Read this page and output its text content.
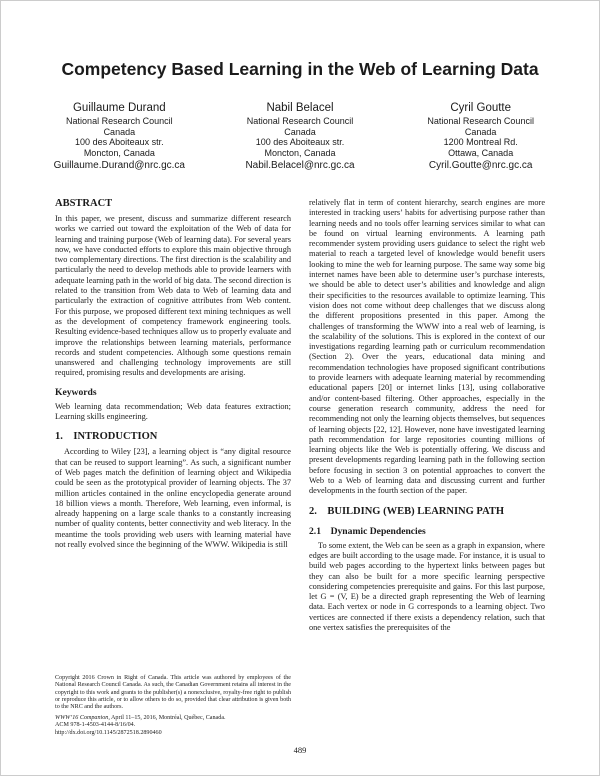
Competency Based Learning in the Web of Learning Data
Guillaume Durand
National Research Council
Canada
100 des Aboiteaux str.
Moncton, Canada
Guillaume.Durand@nrc.gc.ca
Nabil Belacel
National Research Council
Canada
100 des Aboiteaux str.
Moncton, Canada
Nabil.Belacel@nrc.gc.ca
Cyril Goutte
National Research Council
Canada
1200 Montreal Rd.
Ottawa, Canada
Cyril.Goutte@nrc.gc.ca
ABSTRACT

In this paper, we present, discuss and summarize different research works we carried out toward the exploitation of the Web of data for learning and training purpose (Web of learning data). For several years now, we have conducted efforts to explore this main objective through two complementary directions. The first direction is the scalability and particularly the need to develop methods able to provide learners with adequate learning path in the world of big data. The second direction is related to the transition from Web data to Web of learning data and particularly the extraction of cognitive attributes from Web content. For this purpose, we proposed different text mining techniques as well as the development of competency framework engineering tools. Resulting evidence-based techniques allow us to properly evaluate and improve the relationships between learning materials, performance records and student competencies. Although some questions remain unanswered and challenging technology improvements are still required, promising results and developments are arising.

Keywords

Web learning data recommendation; Web data features extraction; Learning skills engineering.

1. INTRODUCTION

According to Wiley [23], a learning object is “any digital resource that can be reused to support learning”. As such, a significant number of Web pages match the definition of learning object and Wikipedia could be seen as the prototypical provider of learning objects. The 37 million articles contained in the online encyclopedia generate around 18 billion views a month. Therefore, Web learning, even informal, is already happening on a large scale thanks to a constantly increasing number of quality contents, better connectivity and web literacy. In the meantime the tools providing web users with learning material have not really evolved since the beginning of the WWW. Wikipedia is still

Copyright 2016 Crown in Right of Canada. This article was authored by employees of the National Research Council Canada. As such, the Canadian Government retains all interest in the copyright to this work and grants to the publisher(s) a nonexclusive, royalty-free right to publish or reproduce this article, or to allow others to do so, provided that clear attribution is given both to the NRC and the authors.

WWW’16 Companion, April 11–15, 2016, Montréal, Québec, Canada.

ACM 978-1-4503-4144-8/16/04.

http://dx.doi.org/10.1145/2872518.2890460

relatively flat in term of content hierarchy, search engines are more interested in tracking users’ habits for advertising purpose rather than learning needs and no tools offer learning services similar to what can be found on virtual learning environments. A learning path recommender system providing users guidance to select the right web material to reach a targeted level of knowledge would benefit users looking to mine the web for learning purpose. The same way some big internet names have been able to determine user’s purchase interests, we should be able to detect user’s abilities and knowledge and align their specificities to the resources available to optimize learning. This vision does not come without deep challenges that we discuss along the different propositions presented in this paper. Among the challenges of transforming the WWW into a real web of learning, is the scalability of the solutions. This is explored in the context of our investigations regarding learning path or curriculum recommendation (Section 2). Over the years, educational data mining and recommendation technologies have proposed significant contributions to provide learners with adequate learning material by recommending educational papers [20] or internet links [13], using collaborative and/or content-based filtering. Other approaches, especially in the course generation research community, address the need for recommending not only the learning objects themselves, but sequences of learning objects [22, 12]. However, none have investigated learning path recommendation for large repositories counting millions of learning objects like the Web is potentially offering. We discuss and present developments regarding learning path in the following section before focusing in section 3 on potential approaches to convert the Web to a Web of learning data and discussing current and further developments in the fourth section of the paper.

2. BUILDING (WEB) LEARNING PATH
2.1 Dynamic Dependencies

To some extent, the Web can be seen as a graph in expansion, where edges are built according to the usage made. For instance, it is usual to build web pages according to the hypertext links between pages but they can also be built for a more specific learning perspective considering competencies prerequisite and gains. For this last purpose, let G = (V, E) be a directed graph representing the Web of learning data. Each vertex or node in G corresponds to a learning object. Two vertices are connected if there exists a dependency relation, such that one vertex satisfies the prerequisites of the

489
